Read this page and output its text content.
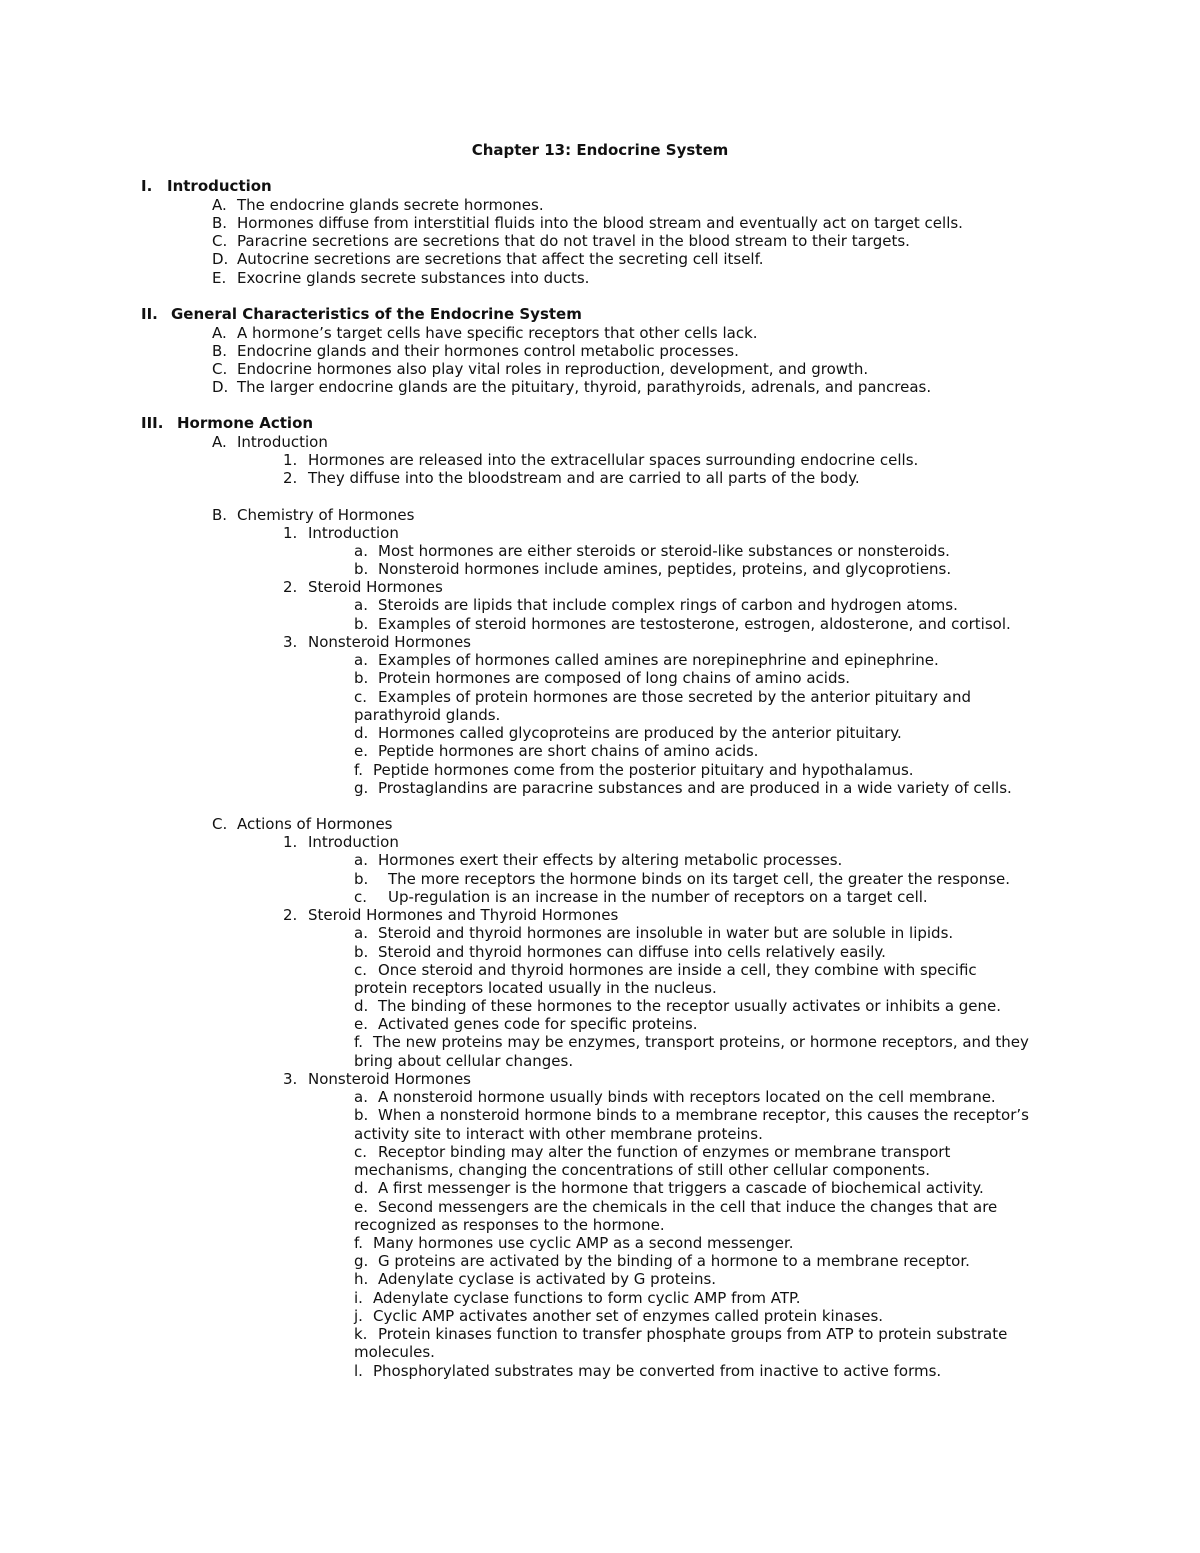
Chapter 13: Endocrine System
I. Introduction
A. The endocrine glands secrete hormones.
B. Hormones diffuse from interstitial fluids into the blood stream and eventually act on target cells.
C. Paracrine secretions are secretions that do not travel in the blood stream to their targets.
D. Autocrine secretions are secretions that affect the secreting cell itself.
E. Exocrine glands secrete substances into ducts.
II. General Characteristics of the Endocrine System
A. A hormone’s target cells have specific receptors that other cells lack.
B. Endocrine glands and their hormones control metabolic processes.
C. Endocrine hormones also play vital roles in reproduction, development, and growth.
D. The larger endocrine glands are the pituitary, thyroid, parathyroids, adrenals, and pancreas.
III. Hormone Action
A. Introduction
1. Hormones are released into the extracellular spaces surrounding endocrine cells.
2. They diffuse into the bloodstream and are carried to all parts of the body.
B. Chemistry of Hormones
1. Introduction
a. Most hormones are either steroids or steroid-like substances or nonsteroids.
b. Nonsteroid hormones include amines, peptides, proteins, and glycoprotiens.
2. Steroid Hormones
a. Steroids are lipids that include complex rings of carbon and hydrogen atoms.
b. Examples of steroid hormones are testosterone, estrogen, aldosterone, and cortisol.
3. Nonsteroid Hormones
a. Examples of hormones called amines are norepinephrine and epinephrine.
b. Protein hormones are composed of long chains of amino acids.
c. Examples of protein hormones are those secreted by the anterior pituitary and
parathyroid glands.
d. Hormones called glycoproteins are produced by the anterior pituitary.
e. Peptide hormones are short chains of amino acids.
f. Peptide hormones come from the posterior pituitary and hypothalamus.
g. Prostaglandins are paracrine substances and are produced in a wide variety of cells.
C. Actions of Hormones
1. Introduction
a. Hormones exert their effects by altering metabolic processes.
b. The more receptors the hormone binds on its target cell, the greater the response.
c. Up-regulation is an increase in the number of receptors on a target cell.
2. Steroid Hormones and Thyroid Hormones
a. Steroid and thyroid hormones are insoluble in water but are soluble in lipids.
b. Steroid and thyroid hormones can diffuse into cells relatively easily.
c. Once steroid and thyroid hormones are inside a cell, they combine with specific
protein receptors located usually in the nucleus.
d. The binding of these hormones to the receptor usually activates or inhibits a gene.
e. Activated genes code for specific proteins.
f. The new proteins may be enzymes, transport proteins, or hormone receptors, and they
bring about cellular changes.
3. Nonsteroid Hormones
a. A nonsteroid hormone usually binds with receptors located on the cell membrane.
b. When a nonsteroid hormone binds to a membrane receptor, this causes the receptor’s
activity site to interact with other membrane proteins.
c. Receptor binding may alter the function of enzymes or membrane transport
mechanisms, changing the concentrations of still other cellular components.
d. A first messenger is the hormone that triggers a cascade of biochemical activity.
e. Second messengers are the chemicals in the cell that induce the changes that are
recognized as responses to the hormone.
f. Many hormones use cyclic AMP as a second messenger.
g. G proteins are activated by the binding of a hormone to a membrane receptor.
h. Adenylate cyclase is activated by G proteins.
i. Adenylate cyclase functions to form cyclic AMP from ATP.
j. Cyclic AMP activates another set of enzymes called protein kinases.
k. Protein kinases function to transfer phosphate groups from ATP to protein substrate
molecules.
l. Phosphorylated substrates may be converted from inactive to active forms.
